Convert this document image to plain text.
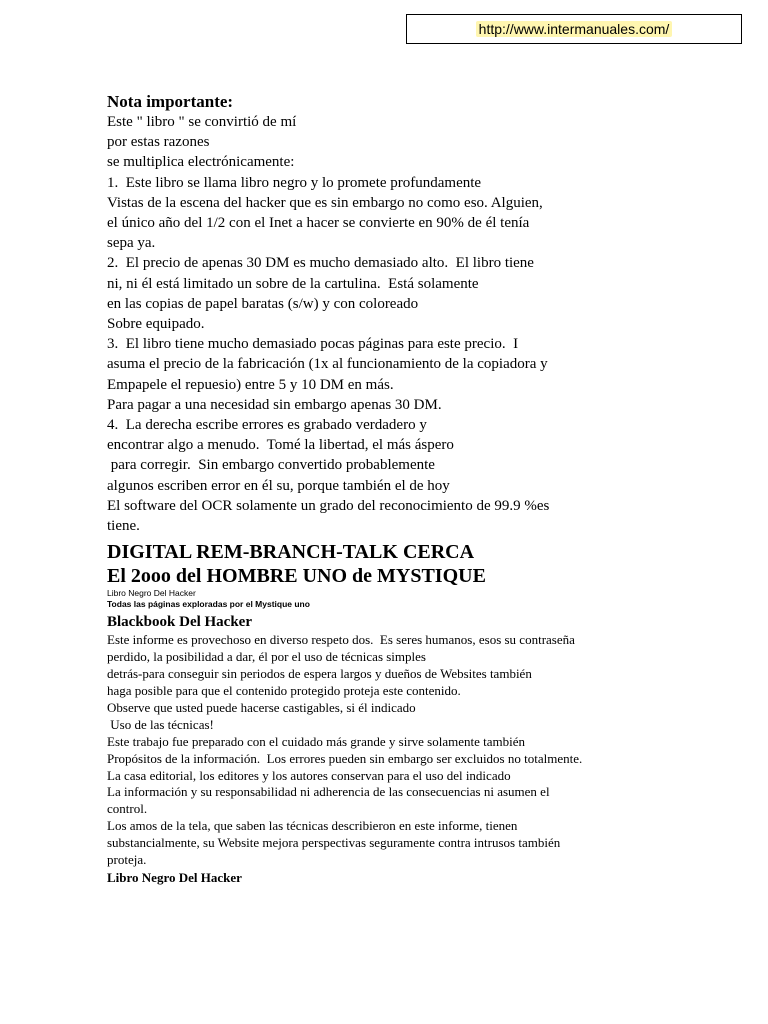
http://www.intermanuales.com/
Nota importante:
Este " libro " se convirtió de mí
por estas razones
se multiplica electrónicamente:
1.  Este libro se llama libro negro y lo promete profundamente
Vistas de la escena del hacker que es sin embargo no como eso. Alguien,
el único año del 1/2 con el Inet a hacer se convierte en 90% de él tenía
sepa ya.
2.  El precio de apenas 30 DM es mucho demasiado alto.  El libro tiene
ni, ni él está limitado un sobre de la cartulina.  Está solamente
en las copias de papel baratas (s/w) y con coloreado
Sobre equipado.
3.  El libro tiene mucho demasiado pocas páginas para este precio.  I
asuma el precio de la fabricación (1x al funcionamiento de la copiadora y
Empapele el repuesio) entre 5 y 10 DM en más.
Para pagar a una necesidad sin embargo apenas 30 DM.
4.  La derecha escribe errores es grabado verdadero y
encontrar algo a menudo.  Tomé la libertad, el más áspero
para corregir.  Sin embargo convertido probablemente
algunos escriben error en él su, porque también el de hoy
El software del OCR solamente un grado del reconocimiento de 99.9 %es
tiene.
DIGITAL REM-BRANCH-TALK CERCA
El 2ooo del HOMBRE UNO de MYSTIQUE
Libro Negro Del Hacker
Todas las páginas exploradas por el Mystique uno
Blackbook Del Hacker
Este informe es provechoso en diverso respeto dos.  Es seres humanos, esos su contraseña
perdido, la posibilidad a dar, él por el uso de técnicas simples
detrás-para conseguir sin periodos de espera largos y dueños de Websites también
haga posible para que el contenido protegido proteja este contenido.
Observe que usted puede hacerse castigables, si él indicado
Uso de las técnicas!
Este trabajo fue preparado con el cuidado más grande y sirve solamente también
Propósitos de la información.  Los errores pueden sin embargo ser excluidos no totalmente.
La casa editorial, los editores y los autores conservan para el uso del indicado
La información y su responsabilidad ni adherencia de las consecuencias ni asumen el
control.
Los amos de la tela, que saben las técnicas describieron en este informe, tienen
substancialmente, su Website mejora perspectivas seguramente contra intrusos también
proteja.
Libro Negro Del Hacker
